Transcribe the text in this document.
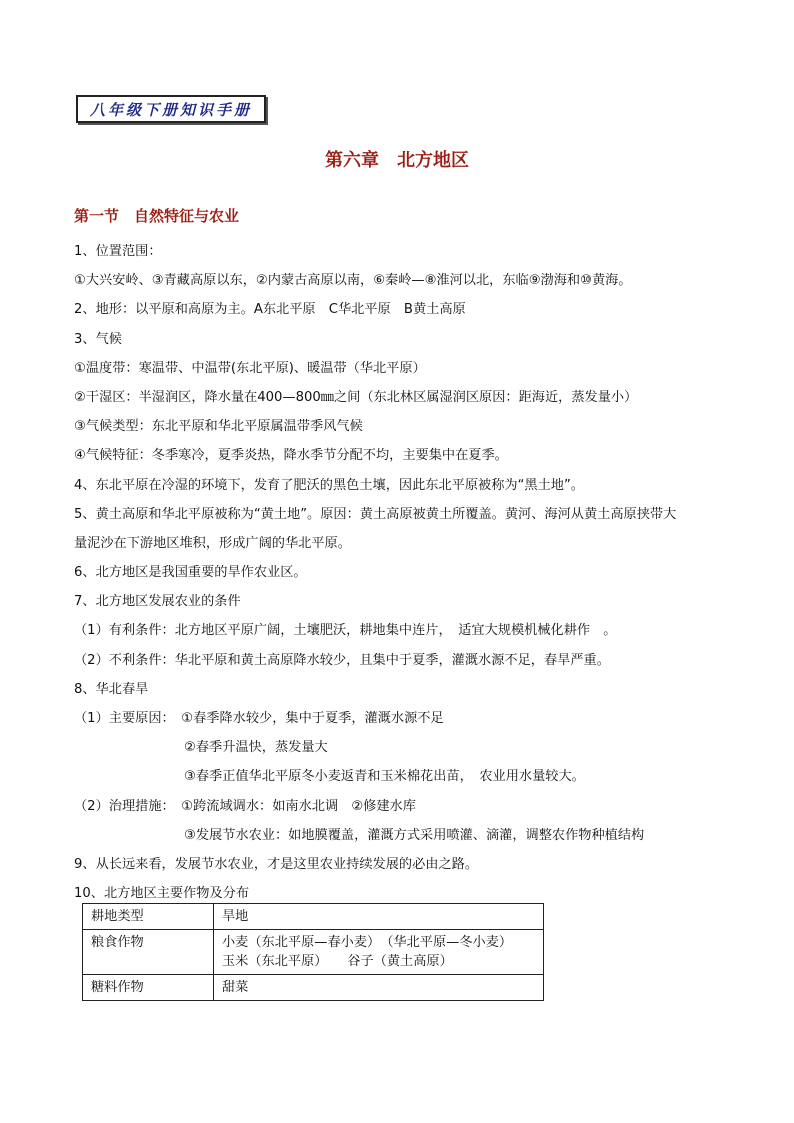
八年级下册知识手册
第六章　北方地区
第一节　自然特征与农业
1、位置范围：
①大兴安岭、③青藏高原以东，②内蒙古高原以南，⑥秦岭—⑧淮河以北，东临⑨渤海和⑩黄海。
2、地形：以平原和高原为主。A东北平原　C华北平原　B黄土高原
3、气候
①温度带：寒温带、中温带(东北平原)、暖温带（华北平原）
②干湿区：半湿润区，降水量在400—800㎜之间（东北林区属湿润区原因：距海近，蒸发量小）
③气候类型：东北平原和华北平原属温带季风气候
④气候特征：冬季寒冷，夏季炎热，降水季节分配不均，主要集中在夏季。
4、东北平原在冷湿的环境下，发育了肥沃的黑色土壤，因此东北平原被称为“黑土地”。
5、黄土高原和华北平原被称为“黄土地”。原因：黄土高原被黄土所覆盖。黄河、海河从黄土高原挟带大
量泥沙在下游地区堆积，形成广阔的华北平原。
6、北方地区是我国重要的旱作农业区。
7、北方地区发展农业的条件
（1）有利条件：北方地区平原广阔，土壤肥沃，耕地集中连片，　适宜大规模机械化耕作　。
（2）不利条件：华北平原和黄土高原降水较少，且集中于夏季，灌溉水源不足，春旱严重。
8、华北春旱
（1）主要原因：　①春季降水较少，集中于夏季，灌溉水源不足
②春季升温快，蒸发量大
③春季正值华北平原冬小麦返青和玉米棉花出苗，　农业用水量较大。
（2）治理措施：　①跨流域调水：如南水北调　②修建水库
③发展节水农业：如地膜覆盖，灌溉方式采用喷灌、滴灌，调整农作物种植结构
9、从长远来看，发展节水农业，才是这里农业持续发展的必由之路。
10、北方地区主要作物及分布
耕地类型	旱地

粮食作物	小麦（东北平原—春小麦）　（华北平原—冬小麦）
玉米（东北平原）　　谷子（黄土高原）

糖料作物	甜菜
